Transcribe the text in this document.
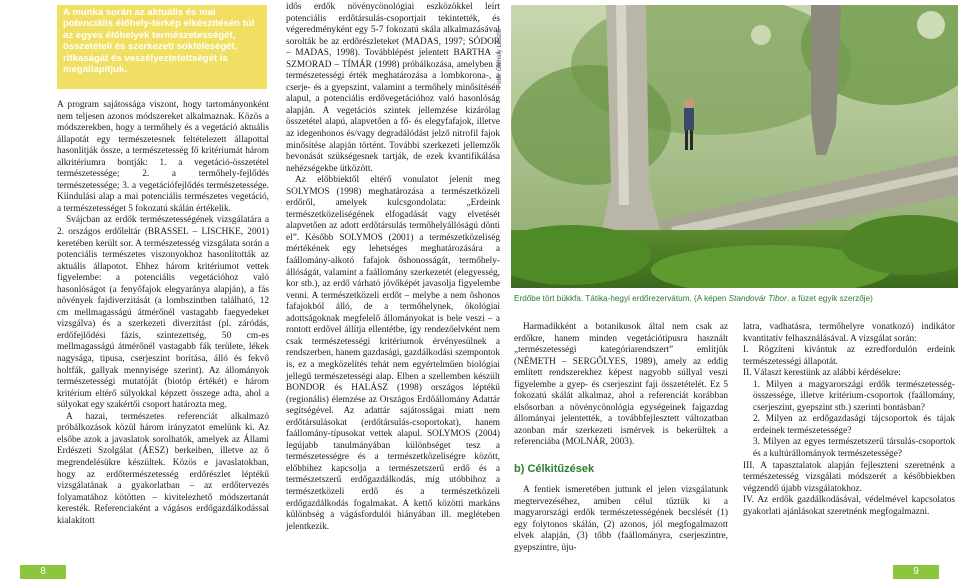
A munka során az aktuális és mai potenciális élőhely-térkép elkészítésén túl az egyes élőhelyek természetességét, összetételi és szerkezeti sokféleségét, ritkaságát és veszélyeztetettségét is megállapítjuk.

A program sajátossága viszont, hogy tartományonként nem teljesen azonos módszereket alkalmaznak. Közös a módszerekben, hogy a termőhely és a vegetáció aktuális állapotát egy természetesnek feltételezett állapottal hasonlítják össze, a természetesség fő kritériumát három alkritériumra bontják: 1. a vegetáció-összetétel természetessége; 2. a termőhely-fejlődés természetessége; 3. a vegetációfejlődés természetessége. Kiindulási alap a mai potenciális természetes vegetáció, a természetességet 5 fokozatú skálán értékelik.

Svájcban az erdők természetességének vizsgálatára a 2. országos erdőleltár (BRASSEL – LISCHKE, 2001) keretében került sor. A természetesség vizsgálata során a potenciális természetes viszonyokhoz hasonlították az aktuális állapotot. Ehhez három kritériumot vettek figyelembe: a potenciális vegetációhoz való hasonlóságot (a fenyőfajok elegyaránya alapján), a fás növények fajdiverzitását (a lombszintben található, 12 cm mellmagasságú átmérőnél vastagabb faegyedeket vizsgálva) és a szerkezeti diverzitást (pl. záródás, erdőfejlődési fázis, szintezettség, 50 cm-es mellmagasságú átmérőnél vastagabb fák területe, lékek nagysága, tipusa, cserjeszint borítása, álló és fekvő holtfák, gallyak mennyisége szerint). Az állományok természetességi mutatóját (biotóp értékét) e három kritérium eltérő súlyokkal képzett összege adta, ahol a súlyokat egy szakértői csoport határozta meg.

A hazai, természetes referenciát alkalmazó próbálkozások közül három irányzatot emelünk ki. Az elsőbe azok a javaslatok sorolhatók, amelyek az Állami Erdészeti Szolgálat (ÁESZ) berkeiben, illetve az ő megrendelésükre készültek. Közös e javaslatokban, hogy az erdőtermészetesség erdőrészlet léptékű vizsgálatának a gyakorlatban – az erdőtervezés folyamatához kötötten – kivitelezhető módszertanát keresték. Referenciaként a vágásos erdőgazdálkodással kialakított

idős erdők növénycönológiai eszközökkel leírt potenciális erdőtársulás-csoportjait tekintették, és végeredményként egy 5-7 fokozatú skála alkalmazásával sorolták be az erdőrészleteket (MADAS, 1997; SÓDOR – MADAS, 1998). Továbblépést jelentett BARTHA – SZMORAD – TÍMÁR (1998) próbálkozása, amelyben a természetességi érték meghatározása a lombkorona-, a cserje- és a gyepszint, valamint a termőhely minősítésén alapul, a potenciális erdővegetációhoz való hasonlóság alapján. A vegetációs szintek jellemzése kizárólag összetétel alapú, alapvetően a fő- és elegyfafajok, illetve az idegenhonos és/vagy degradálódást jelző nitrofil fajok minősítése alapján történt. További szerkezeti jellemzők bevonását szükségesnek tartják, de ezek kvantifikálása nehézségekbe ütközött.

Az előbbiektől eltérő vonulatot jelenít meg SOLYMOS (1998) meghatározása a természetközeli erdőről, amelyek kulcsgondolata: „Erdeink természetközeliségének elfogadását vagy elvetését alapvetően az adott erdőtársulás termőhelyállóságú dönti el”. Később SOLYMOS (2001) a természetközeliség mértékének egy lehetséges meghatározására a faállomány-alkotó fafajok őshonosságát, termőhely-állóságát, valamint a faállomány szerkezetét (elegyesség, kor stb.), az erdő várható jövőképét javasolja figyelembe venni. A természetközeli erdőt – melybe a nem őshonos fafajokból álló, de a termőhelynek, ökológiai adottságoknak megfelelő állományokat is bele veszi – a rontott erdővel állítja ellentétbe, így rendezőelvként nem csak természetességi kritériumok érvényesülnek a rendszerben, hanem gazdasági, gazdálkodási szempontok is, ez a megközelítés tehát nem egyértelműen biológiai jellegű természetességi alap. Elben a szellemben készült BONDOR és HALÁSZ (1998) országos léptékű (regionális) élemzése az Országos Erdőállomány Adattár segítségével. Az adattár sajátosságai miatt nem erdőtársulásokat (erdőtársulás-csoportokat), hanem faállomány-típusokat vettek alapul. SOLYMOS (2004) legújabb tanulmányában különbséget tesz a természetességre és a természetközeliségre között, előbbihez kapcsolja a természetszerű erdő és a természetszerű erdőgazdálkodás, míg utóbbihoz a természetközeli erdő és a természetközeli erdőgazdálkodás fogalmakat. A kettő közötti markáns különbség a vágásfordulói hiányában ill. megléteben jelentkezik.

Fotó: Galhidy László
Erdőbe tört bükkfa. Tátika-hegyi erdőrezervátum. (A képen Standovár Tibor. a füzet egyik szerzője)

Harmadikként a botanikusok által nem csak az erdőkre, hanem minden vegetációtípusra használt „természetességi kategóriarendszert” említjük (NÉMETH – SERGŐLYES, 1989), amely az eddig említett rendszerekhez képest nagyobb súllyal veszi figyelembe a gyep- és cserjeszint faji összetételét. Ez 5 fokozatú skálát alkalmaz, ahol a referenciát korábban elsősorban a növénycönológia egységeinek fajgazdag állományai jelentették, a továbbfejlesztett változatban azonban már szerkezeti ismérvek is bekerültek a referenciába (MOLNÁR, 2003).

b) Célkitűzések

A fentiek ismeretében juttunk el jelen vizsgálatunk megtervezéséhez, amiben célul tűztük ki a magyarországi erdők természetességének becslését (1) egy folytonos skálán, (2) azonos, jól megfogalmazott elvek alapján, (3) tőbb (faállományra, cserjeszintre, gyepszintre, üju-

latra, vadhatásra, termőhelyre vonatkozó) indikátor kvantitatív felhasználásával. A vizsgálat során:

I. Rögzíteni kívántuk az ezredfordulón erdeink természetességi állapotát.

II. Választ kerestünk az alábbi kérdésekre:

1. Milyen a magyarországi erdők természetesség-összessége, illetve kritérium-csoportok (faállomány, cserjeszint, gyepszint stb.) szerinti bontásban?

2. Milyen az erdőgazdasági tájcsoportok és tájak erdeinek természetessége?

3. Milyen az egyes természetszerű társulás-csoportok és a kultúrállományok természetessége?

III. A tapasztalatok alapján fejleszteni szeretnénk a természetesség vizsgálati módszerét a későbbiekben végzendő újabb vizsgálatokhoz.

IV. Az erdők gazdálkodásával, védelmével kapcsolatos gyakorlati ajánlásokat szeretnénk megfogalmazni.

8	9
